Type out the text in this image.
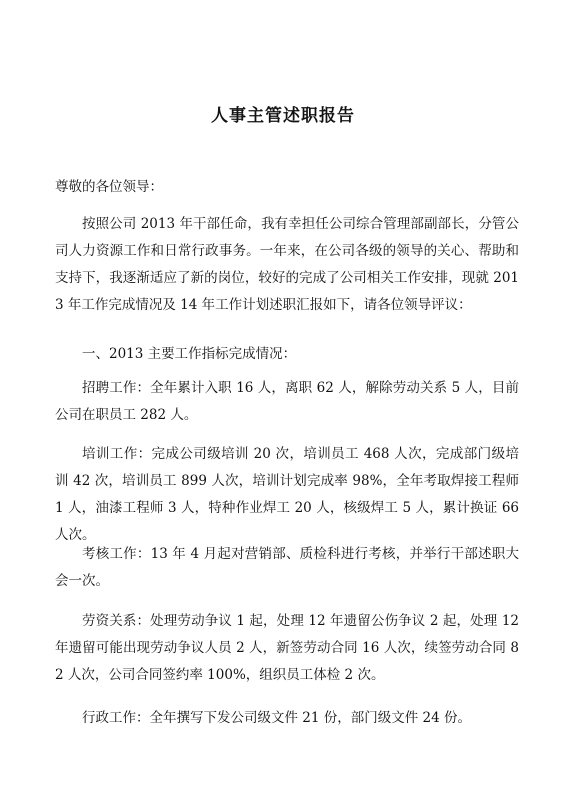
人事主管述职报告

尊敬的各位领导：

按照公司 2013 年干部任命，我有幸担任公司综合管理部副部长，分管公司人力资源工作和日常行政事务。一年来，在公司各级的领导的关心、帮助和支持下，我逐渐适应了新的岗位，较好的完成了公司相关工作安排，现就 2013 年工作完成情况及 14 年工作计划述职汇报如下，请各位领导评议：

一、2013 主要工作指标完成情况：

招聘工作：全年累计入职 16 人，离职 62 人，解除劳动关系 5 人，目前公司在职员工 282 人。

培训工作：完成公司级培训 20 次，培训员工 468 人次，完成部门级培训 42 次，培训员工 899 人次，培训计划完成率 98%，全年考取焊接工程师 1 人，油漆工程师 3 人，特种作业焊工 20 人，核级焊工 5 人，累计换证 66 人次。

考核工作：13 年 4 月起对营销部、质检科进行考核，并举行干部述职大会一次。

劳资关系：处理劳动争议 1 起，处理 12 年遗留公伤争议 2 起，处理 12 年遗留可能出现劳动争议人员 2 人，新签劳动合同 16 人次，续签劳动合同 82 人次，公司合同签约率 100%，组织员工体检 2 次。

行政工作：全年撰写下发公司级文件 21 份，部门级文件 24 份。
